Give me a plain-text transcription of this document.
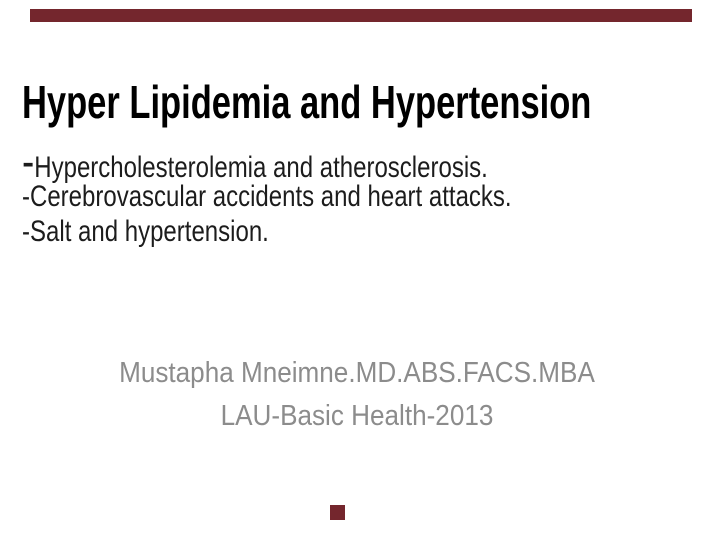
Hyper Lipidemia and Hypertension
-Hypercholesterolemia and atherosclerosis.
-Cerebrovascular accidents and heart attacks.
-Salt and hypertension.
Mustapha Mneimne.MD.ABS.FACS.MBA
LAU-Basic Health-2013
